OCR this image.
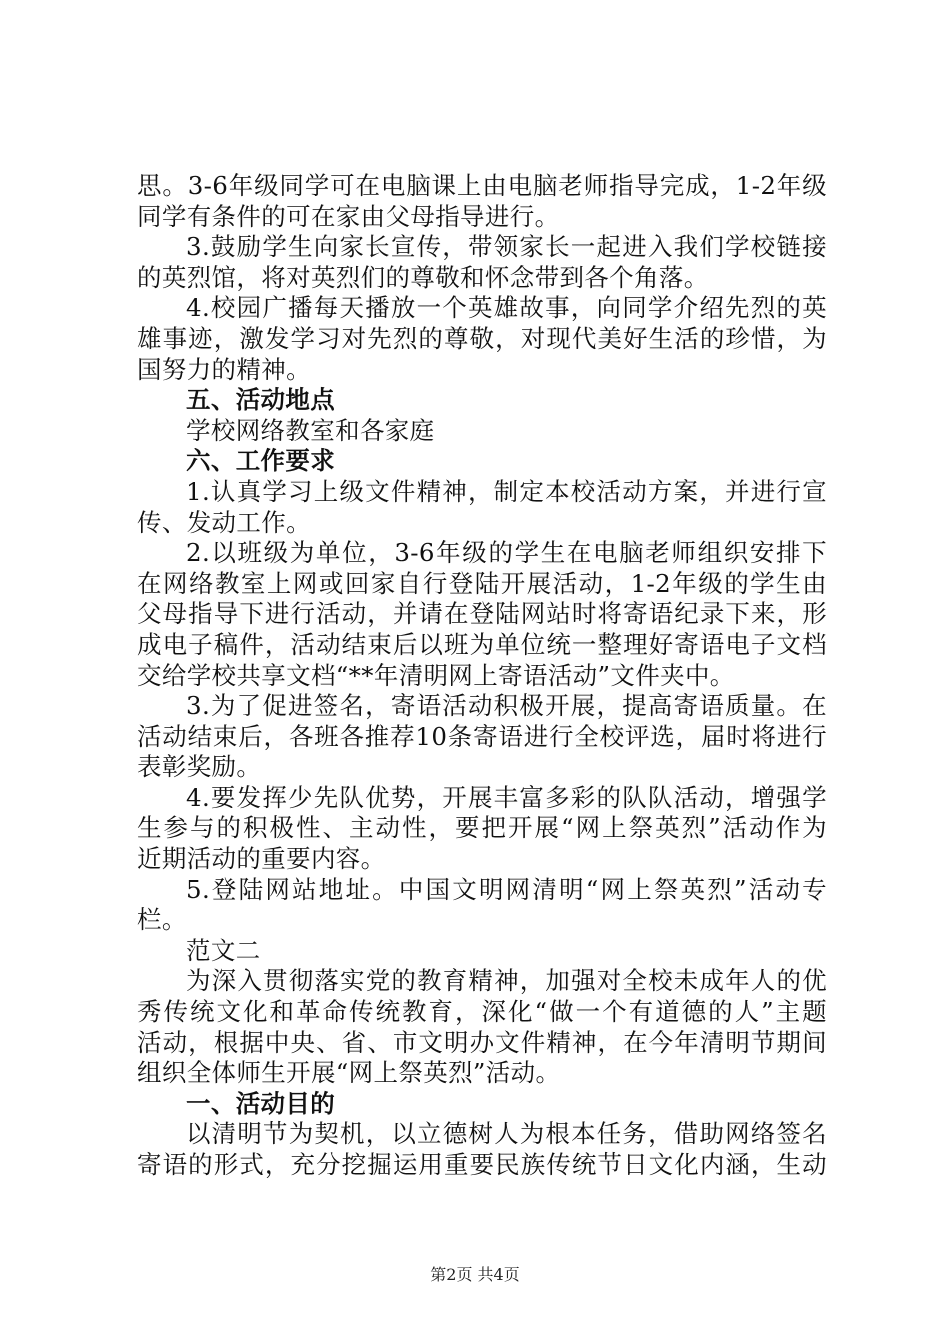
思。3-6年级同学可在电脑课上由电脑老师指导完成，1-2年级
同学有条件的可在家由父母指导进行。
3.鼓励学生向家长宣传，带领家长一起进入我们学校链接
的英烈馆，将对英烈们的尊敬和怀念带到各个角落。
4.校园广播每天播放一个英雄故事，向同学介绍先烈的英
雄事迹，激发学习对先烈的尊敬，对现代美好生活的珍惜，为
国努力的精神。
五、活动地点
学校网络教室和各家庭
六、工作要求
1.认真学习上级文件精神，制定本校活动方案，并进行宣
传、发动工作。
2.以班级为单位，3-6年级的学生在电脑老师组织安排下
在网络教室上网或回家自行登陆开展活动，1-2年级的学生由
父母指导下进行活动，并请在登陆网站时将寄语纪录下来，形
成电子稿件，活动结束后以班为单位统一整理好寄语电子文档
交给学校共享文档“**年清明网上寄语活动”文件夹中。
3.为了促进签名，寄语活动积极开展，提高寄语质量。在
活动结束后，各班各推荐10条寄语进行全校评选，届时将进行
表彰奖励。
4.要发挥少先队优势，开展丰富多彩的队队活动，增强学
生参与的积极性、主动性，要把开展“网上祭英烈”活动作为
近期活动的重要内容。
5.登陆网站地址。中国文明网清明“网上祭英烈”活动专
栏。
范文二
为深入贯彻落实党的教育精神，加强对全校未成年人的优
秀传统文化和革命传统教育，深化“做一个有道德的人”主题
活动，根据中央、省、市文明办文件精神，在今年清明节期间
组织全体师生开展“网上祭英烈”活动。
一、活动目的
以清明节为契机，以立德树人为根本任务，借助网络签名
寄语的形式，充分挖掘运用重要民族传统节日文化内涵，生动
第2页 共4页
